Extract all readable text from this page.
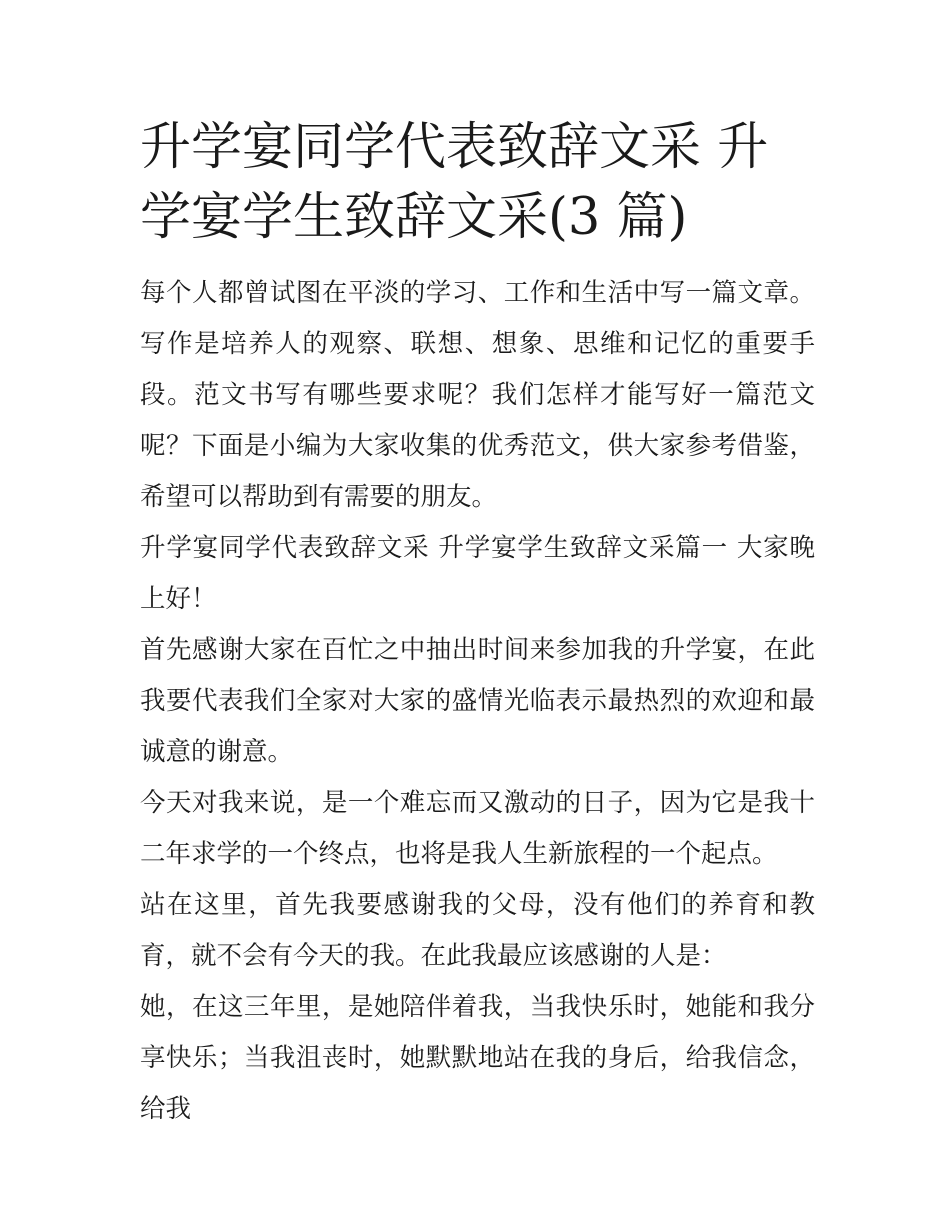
升学宴同学代表致辞文采 升学宴学生致辞文采(3 篇)

每个人都曾试图在平淡的学习、工作和生活中写一篇文章。写作是培养人的观察、联想、想象、思维和记忆的重要手段。范文书写有哪些要求呢？我们怎样才能写好一篇范文呢？下面是小编为大家收集的优秀范文，供大家参考借鉴，希望可以帮助到有需要的朋友。

升学宴同学代表致辞文采 升学宴学生致辞文采篇一 大家晚上好！

首先感谢大家在百忙之中抽出时间来参加我的升学宴，在此我要代表我们全家对大家的盛情光临表示最热烈的欢迎和最诚意的谢意。

今天对我来说，是一个难忘而又激动的日子，因为它是我十二年求学的一个终点，也将是我人生新旅程的一个起点。

站在这里，首先我要感谢我的父母，没有他们的养育和教育，就不会有今天的我。在此我最应该感谢的人是：

她，在这三年里，是她陪伴着我，当我快乐时，她能和我分享快乐；当我沮丧时，她默默地站在我的身后，给我信念，给我
